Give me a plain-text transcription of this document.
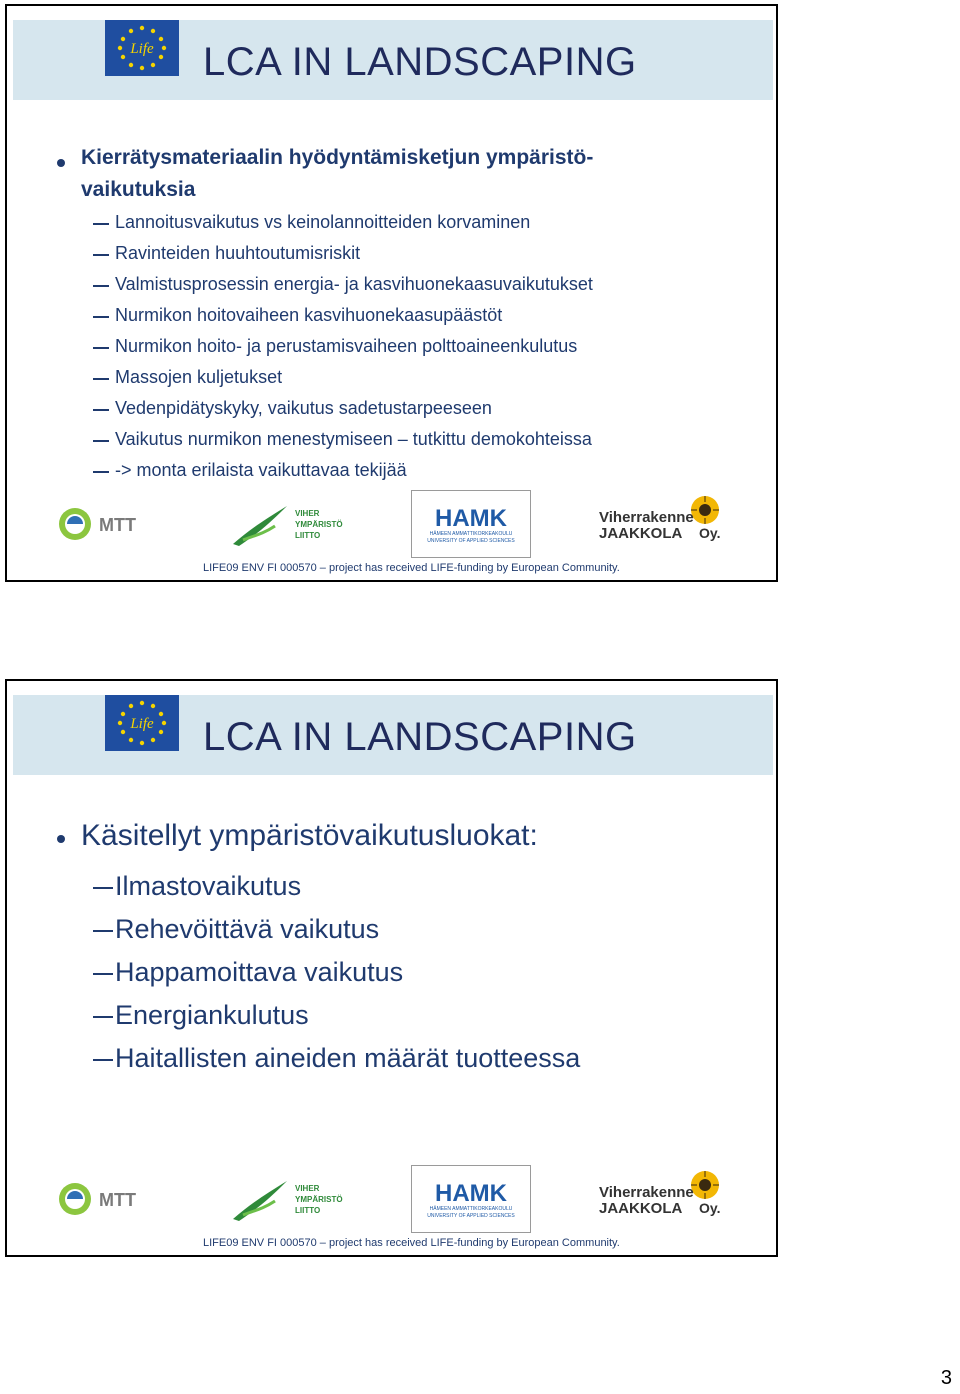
Life LCA IN LANDSCAPING
Kierrätysmateriaalin hyödyntämisketjun ympäristö-
vaikutuksia
Lannoitusvaikutus vs keinolannoitteiden korvaminen
Ravinteiden huuhtoutumisriskit
Valmistusprosessin energia- ja kasvihuonekaasuvaikutukset
Nurmikon hoitovaiheen kasvihuonekaasupäästöt
Nurmikon hoito- ja perustamisvaiheen polttoaineenkulutus
Massojen kuljetukset
Vedenpidätyskyky, vaikutus sadetustarpeeseen
Vaikutus nurmikon menestymiseen – tutkittu demokohteissa
-> monta erilaista vaikuttavaa tekijää
MTT
VIHER
YMPÄRISTÖ
LIITTO
HAMK
HÄMEEN AMMATTIKORKEAKOULU
UNIVERSITY OF APPLIED SCIENCES
Viherrakenne
JAAKKOLA Oy.
LIFE09 ENV FI 000570 – project has received LIFE-funding by European Community.
Life LCA IN LANDSCAPING
Käsitellyt ympäristövaikutusluokat:
Ilmastovaikutus
Rehevöittävä vaikutus
Happamoittava vaikutus
Energiankulutus
Haitallisten aineiden määrät tuotteessa
MTT
VIHER
YMPÄRISTÖ
LIITTO
HAMK
HÄMEEN AMMATTIKORKEAKOULU
UNIVERSITY OF APPLIED SCIENCES
Viherrakenne
JAAKKOLA Oy.
LIFE09 ENV FI 000570 – project has received LIFE-funding by European Community.
3
